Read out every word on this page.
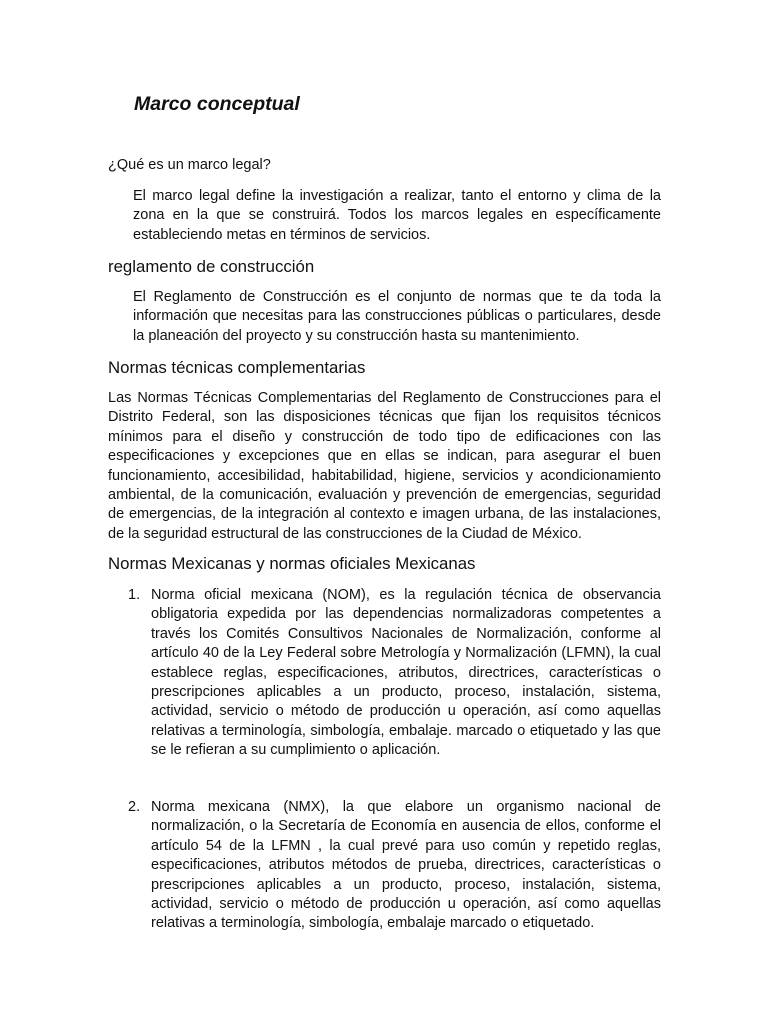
Marco conceptual

¿Qué es un marco legal?

El marco legal define la investigación a realizar, tanto el entorno y clima de la zona en la que se construirá. Todos los marcos legales en específicamente estableciendo metas en términos de servicios.

reglamento de construcción

El Reglamento de Construcción es el conjunto de normas que te da toda la información que necesitas para las construcciones públicas o particulares, desde la planeación del proyecto y su construcción hasta su mantenimiento.

Normas técnicas complementarias

Las Normas Técnicas Complementarias del Reglamento de Construcciones para el Distrito Federal, son las disposiciones técnicas que fijan los requisitos técnicos mínimos para el diseño y construcción de todo tipo de edificaciones con las especificaciones y excepciones que en ellas se indican, para asegurar el buen funcionamiento, accesibilidad, habitabilidad, higiene, servicios y acondicionamiento ambiental, de la comunicación, evaluación y prevención de emergencias, seguridad de emergencias, de la integración al contexto e imagen urbana, de las instalaciones, de la seguridad estructural de las construcciones de la Ciudad de México.

Normas Mexicanas y normas oficiales Mexicanas
1. Norma oficial mexicana (NOM), es la regulación técnica de observancia obligatoria expedida por las dependencias normalizadoras competentes a través los Comités Consultivos Nacionales de Normalización, conforme al artículo 40 de la Ley Federal sobre Metrología y Normalización (LFMN), la cual establece reglas, especificaciones, atributos, directrices, características o prescripciones aplicables a un producto, proceso, instalación, sistema, actividad, servicio o método de producción u operación, así como aquellas relativas a terminología, simbología, embalaje. marcado o etiquetado y las que se le refieran a su cumplimiento o aplicación.

2. Norma mexicana (NMX), la que elabore un organismo nacional de normalización, o la Secretaría de Economía en ausencia de ellos, conforme el artículo 54 de la LFMN , la cual prevé para uso común y repetido reglas, especificaciones, atributos métodos de prueba, directrices, características o prescripciones aplicables a un producto, proceso, instalación, sistema, actividad, servicio o método de producción u operación, así como aquellas relativas a terminología, simbología, embalaje marcado o etiquetado.
